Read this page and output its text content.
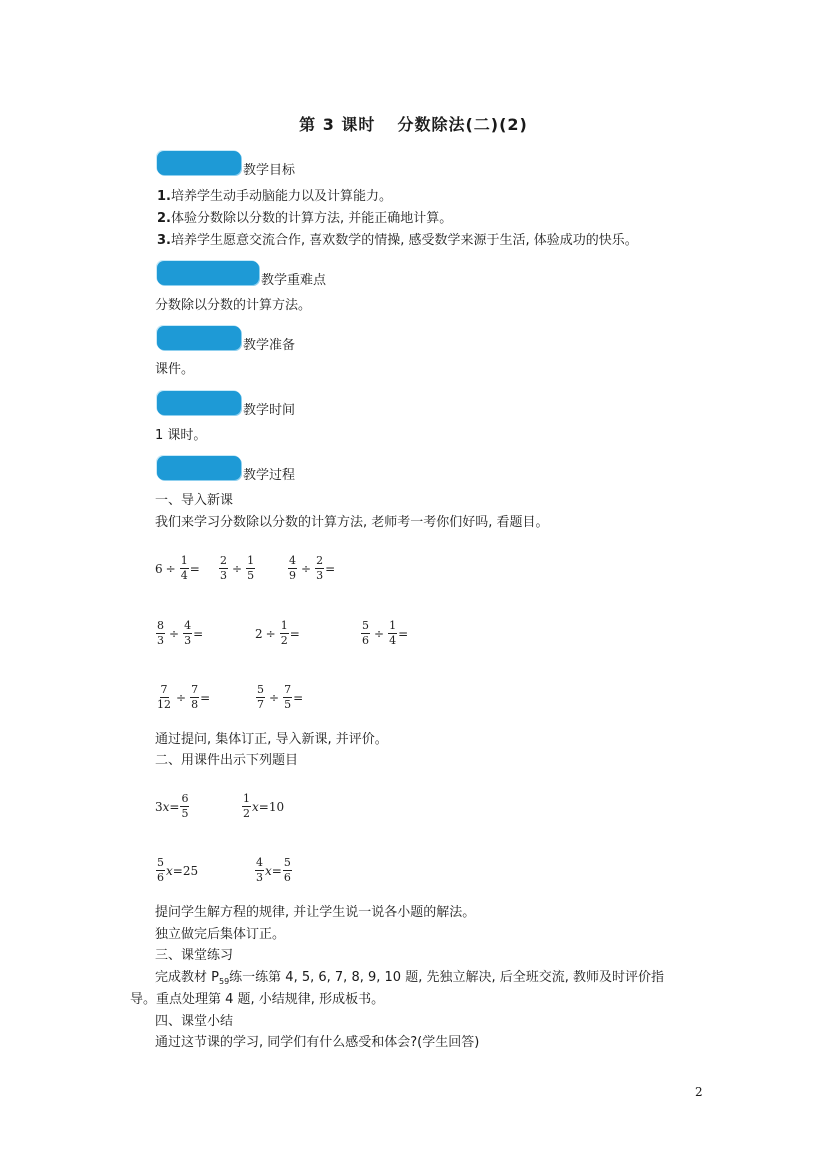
第 3 课时 分数除法(二)(2)
教学目标
1.培养学生动手动脑能力以及计算能力。
2.体验分数除以分数的计算方法, 并能正确地计算。
3.培养学生愿意交流合作, 喜欢数学的情操, 感受数学来源于生活, 体验成功的快乐。
教学重难点
分数除以分数的计算方法。
教学准备
课件。
教学时间
1 课时。
教学过程
一、导入新课
我们来学习分数除以分数的计算方法, 老师考一考你们好吗, 看题目。
$6 \div \frac{1}{4} = \frac{2}{3} \div \frac{1}{5}$	$\frac{4}{9} \div \frac{2}{3}$ =
$\frac{8}{3} \div \frac{4}{3}$ =	$2 \div \frac{1}{2}$ =	$\frac{5}{6} \div \frac{1}{4}$ =
$\frac{7}{12} \div \frac{7}{8}$ =	$\frac{5}{7} \div \frac{7}{5}$ =
通过提问, 集体订正, 导入新课, 并评价。
二、用课件出示下列题目
3 $x = \frac{6}{5}$	$\frac{1}{2}$ x = 10
$\frac{5}{6}$ x = 25	$\frac{4}{3}$ $x = \frac{5}{6}$
提问学生解方程的规律, 并让学生说一说各小题的解法。
独立做完后集体订正。
三、课堂练习
完成教材 $P_{59}$练一练第 4, 5, 6, 7, 8, 9, 10 题, 先独立解决, 后全班交流, 教师及时评价指
导。重点处理第 4 题, 小结规律, 形成板书。
四、课堂小结
通过这节课的学习, 同学们有什么感受和体会?(学生回答)
2
